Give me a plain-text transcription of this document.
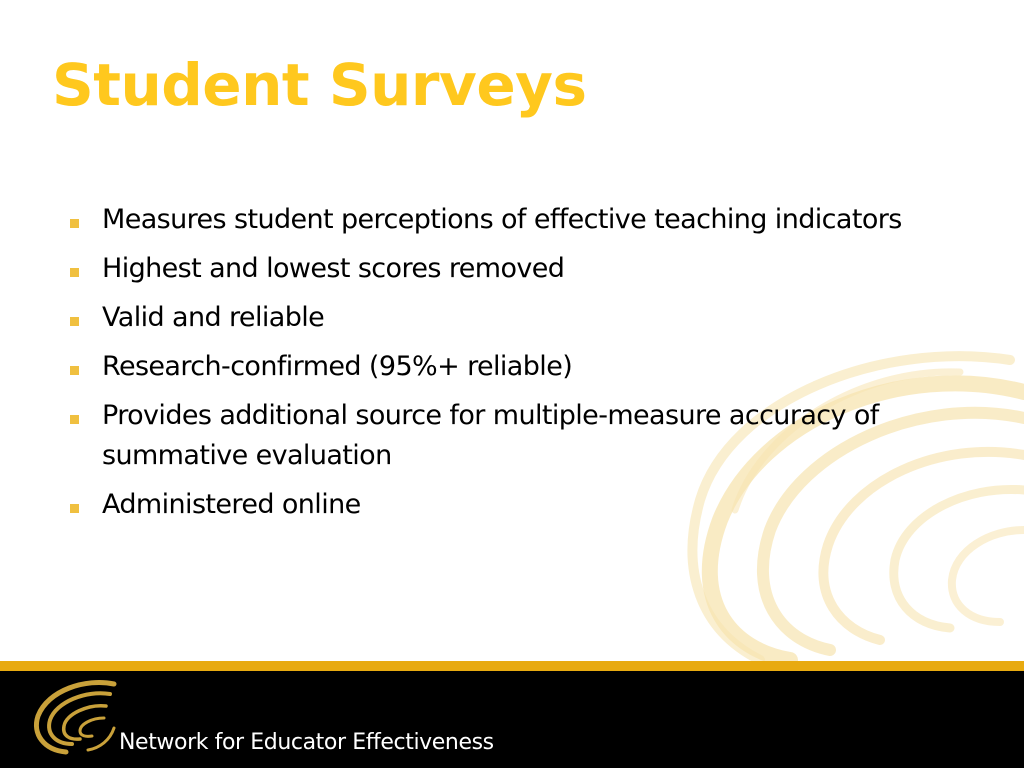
Student Surveys
Measures student perceptions of effective teaching indicators
Highest and lowest scores removed
Valid and reliable
Research-confirmed (95%+ reliable)
Provides additional source for multiple-measure accuracy of summative evaluation
Administered online
Network for Educator Effectiveness
